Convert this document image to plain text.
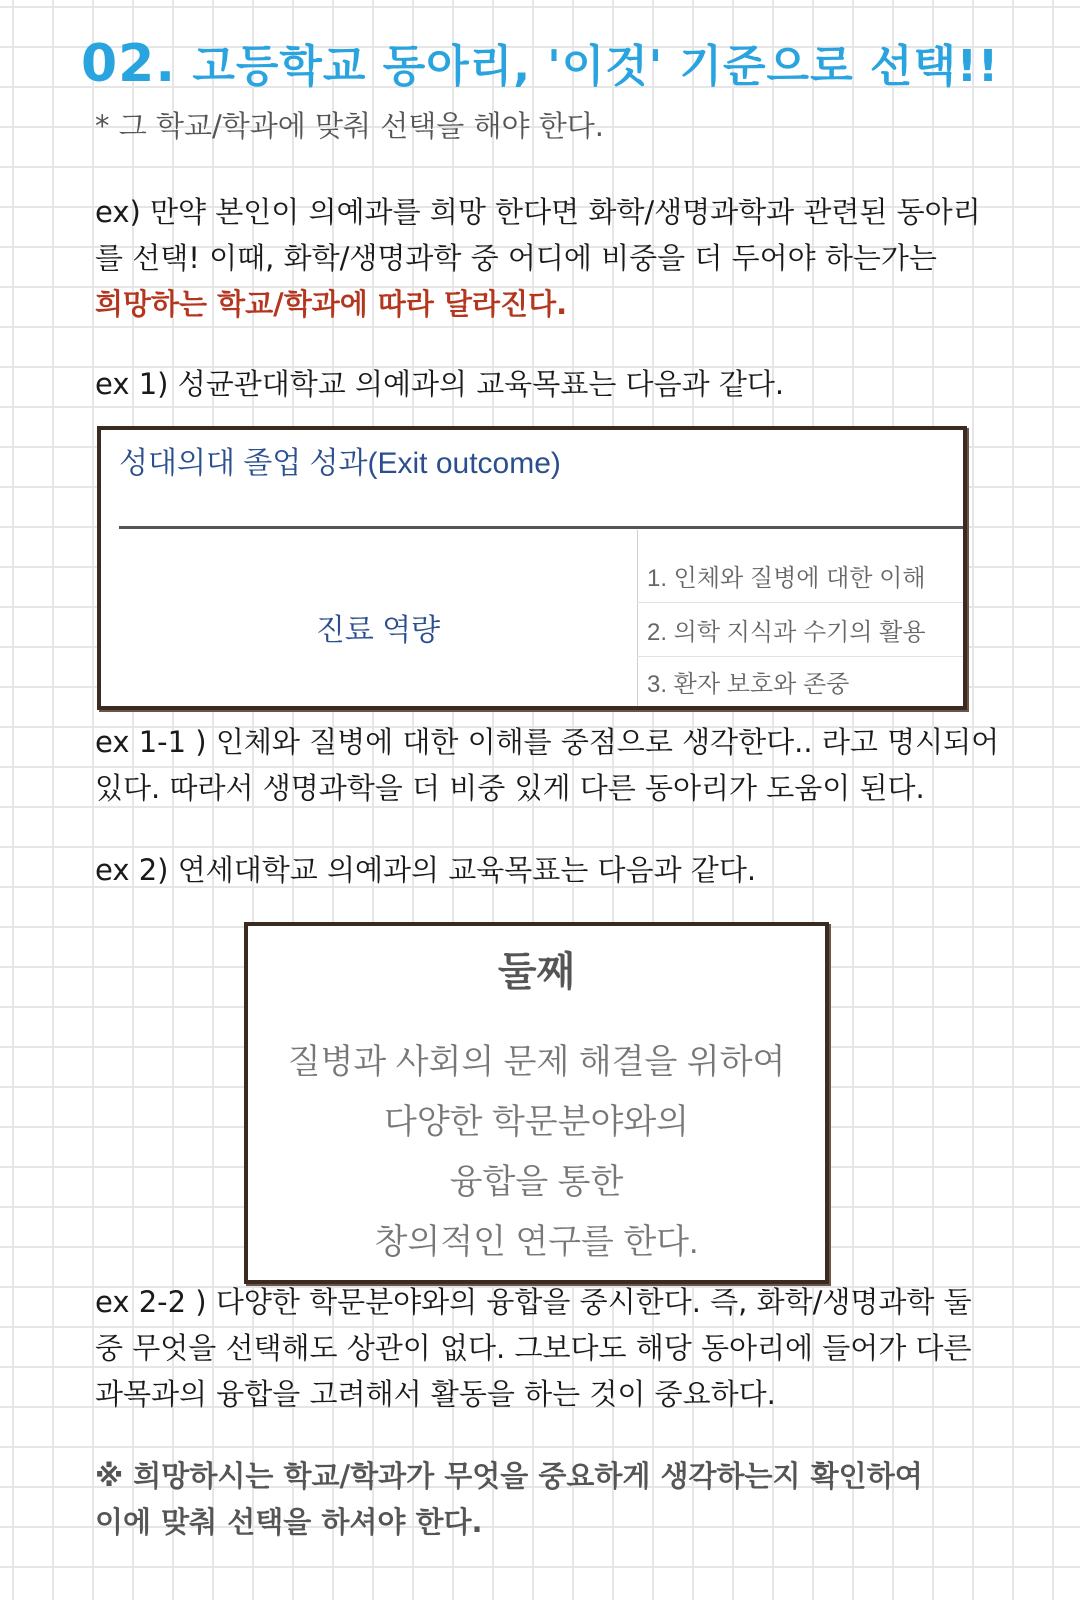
02. 고등학교 동아리, '이것' 기준으로 선택!!
* 그 학교/학과에 맞춰 선택을 해야 한다.
ex) 만약 본인이 의예과를 희망 한다면 화학/생명과학과 관련된 동아리
를 선택! 이때, 화학/생명과학 중 어디에 비중을 더 두어야 하는가는
희망하는 학교/학과에 따라 달라진다.
ex 1) 성균관대학교 의예과의 교육목표는 다음과 같다.
성대의대 졸업 성과(Exit outcome)
진료 역량
1. 인체와 질병에 대한 이해
2. 의학 지식과 수기의 활용
3. 환자 보호와 존중
ex 1-1 ) 인체와 질병에 대한 이해를 중점으로 생각한다.. 라고 명시되어
있다. 따라서 생명과학을 더 비중 있게 다른 동아리가 도움이 된다.
ex 2) 연세대학교 의예과의 교육목표는 다음과 같다.
둘째
질병과 사회의 문제 해결을 위하여
다양한 학문분야와의
융합을 통한
창의적인 연구를 한다.
ex 2-2 ) 다양한 학문분야와의 융합을 중시한다. 즉, 화학/생명과학 둘
중 무엇을 선택해도 상관이 없다. 그보다도 해당 동아리에 들어가 다른
과목과의 융합을 고려해서 활동을 하는 것이 중요하다.
※ 희망하시는 학교/학과가 무엇을 중요하게 생각하는지 확인하여
이에 맞춰 선택을 하셔야 한다.
